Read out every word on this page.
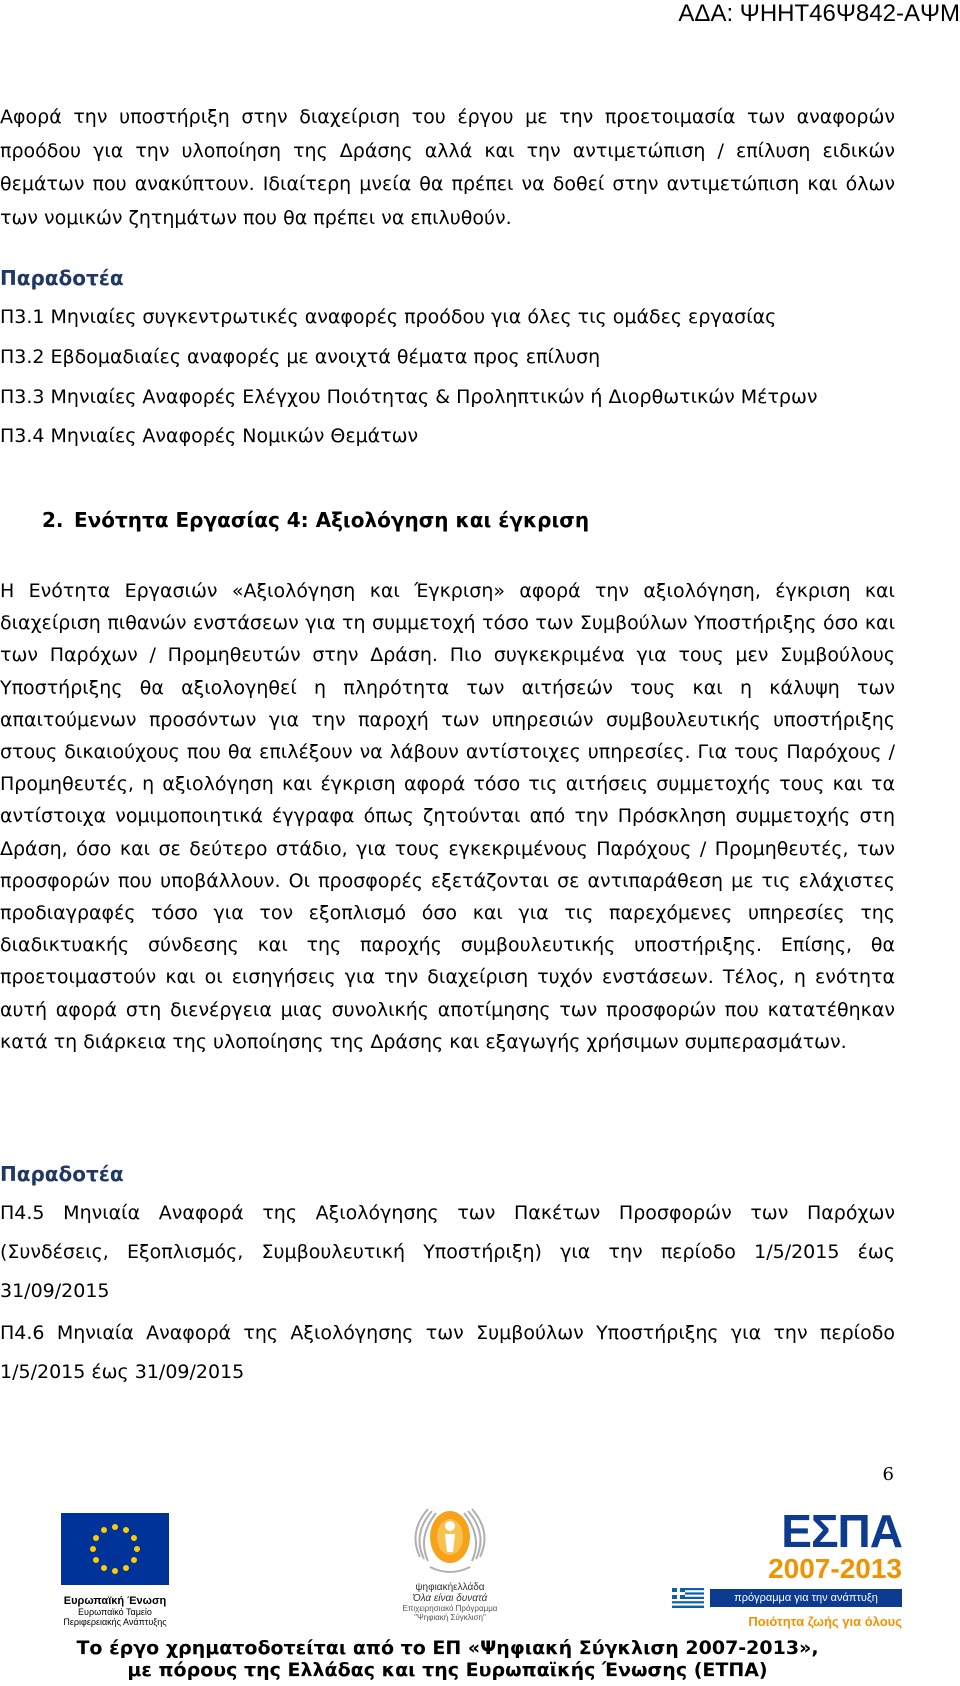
ΑΔΑ: ΨΗΗΤ46Ψ842-ΑΨΜ
Αφορά την υποστήριξη στην διαχείριση του έργου με την προετοιμασία των αναφορών προόδου για την υλοποίηση της Δράσης αλλά και την αντιμετώπιση / επίλυση ειδικών θεμάτων που ανακύπτουν. Ιδιαίτερη μνεία θα πρέπει να δοθεί στην αντιμετώπιση και όλων των νομικών ζητημάτων που θα πρέπει να επιλυθούν.
Παραδοτέα
Π3.1 Μηνιαίες συγκεντρωτικές αναφορές προόδου για όλες τις ομάδες εργασίας
Π3.2 Εβδομαδιαίες αναφορές με ανοιχτά θέματα προς επίλυση
Π3.3 Μηνιαίες Αναφορές Ελέγχου Ποιότητας & Προληπτικών ή Διορθωτικών Μέτρων
Π3.4 Μηνιαίες Αναφορές Νομικών Θεμάτων
2. Ενότητα Εργασίας 4: Αξιολόγηση και έγκριση
Η Ενότητα Εργασιών «Αξιολόγηση και Έγκριση» αφορά την αξιολόγηση, έγκριση και διαχείριση πιθανών ενστάσεων για τη συμμετοχή τόσο των Συμβούλων Υποστήριξης όσο και των Παρόχων / Προμηθευτών στην Δράση. Πιο συγκεκριμένα για τους μεν Συμβούλους Υποστήριξης θα αξιολογηθεί η πληρότητα των αιτήσεών τους και η κάλυψη των απαιτούμενων προσόντων για την παροχή των υπηρεσιών συμβουλευτικής υποστήριξης στους δικαιούχους που θα επιλέξουν να λάβουν αντίστοιχες υπηρεσίες. Για τους Παρόχους / Προμηθευτές, η αξιολόγηση και έγκριση αφορά τόσο τις αιτήσεις συμμετοχής τους και τα αντίστοιχα νομιμοποιητικά έγγραφα όπως ζητούνται από την Πρόσκληση συμμετοχής στη Δράση, όσο και σε δεύτερο στάδιο, για τους εγκεκριμένους Παρόχους / Προμηθευτές, των προσφορών που υποβάλλουν. Οι προσφορές εξετάζονται σε αντιπαράθεση με τις ελάχιστες προδιαγραφές τόσο για τον εξοπλισμό όσο και για τις παρεχόμενες υπηρεσίες της διαδικτυακής σύνδεσης και της παροχής συμβουλευτικής υποστήριξης. Επίσης, θα προετοιμαστούν και οι εισηγήσεις για την διαχείριση τυχόν ενστάσεων. Τέλος, η ενότητα αυτή αφορά στη διενέργεια μιας συνολικής αποτίμησης των προσφορών που κατατέθηκαν κατά τη διάρκεια της υλοποίησης της Δράσης και εξαγωγής χρήσιμων συμπερασμάτων.
Παραδοτέα
Π4.5 Μηνιαία Αναφορά της Αξιολόγησης των Πακέτων Προσφορών των Παρόχων (Συνδέσεις, Εξοπλισμός, Συμβουλευτική Υποστήριξη) για την περίοδο 1/5/2015 έως 31/09/2015
Π4.6 Μηνιαία Αναφορά της Αξιολόγησης των Συμβούλων Υποστήριξης για την περίοδο 1/5/2015 έως 31/09/2015
6
Ευρωπαϊκή Ένωση
Ευρωπαϊκό Ταμείο
Περιφερειακής Ανάπτυξης
ψηφιακήελλάδα
Όλα είναι δυνατά
Επιχειρησιακό Πρόγραμμα
"Ψηφιακή Σύγκλιση"
ΕΣΠΑ
2007-2013
πρόγραμμα για την ανάπτυξη
Ποιότητα ζωής για όλους
Το έργο χρηματοδοτείται από το ΕΠ «Ψηφιακή Σύγκλιση 2007-2013»,
με πόρους της Ελλάδας και της Ευρωπαϊκής Ένωσης (ΕΤΠΑ)
